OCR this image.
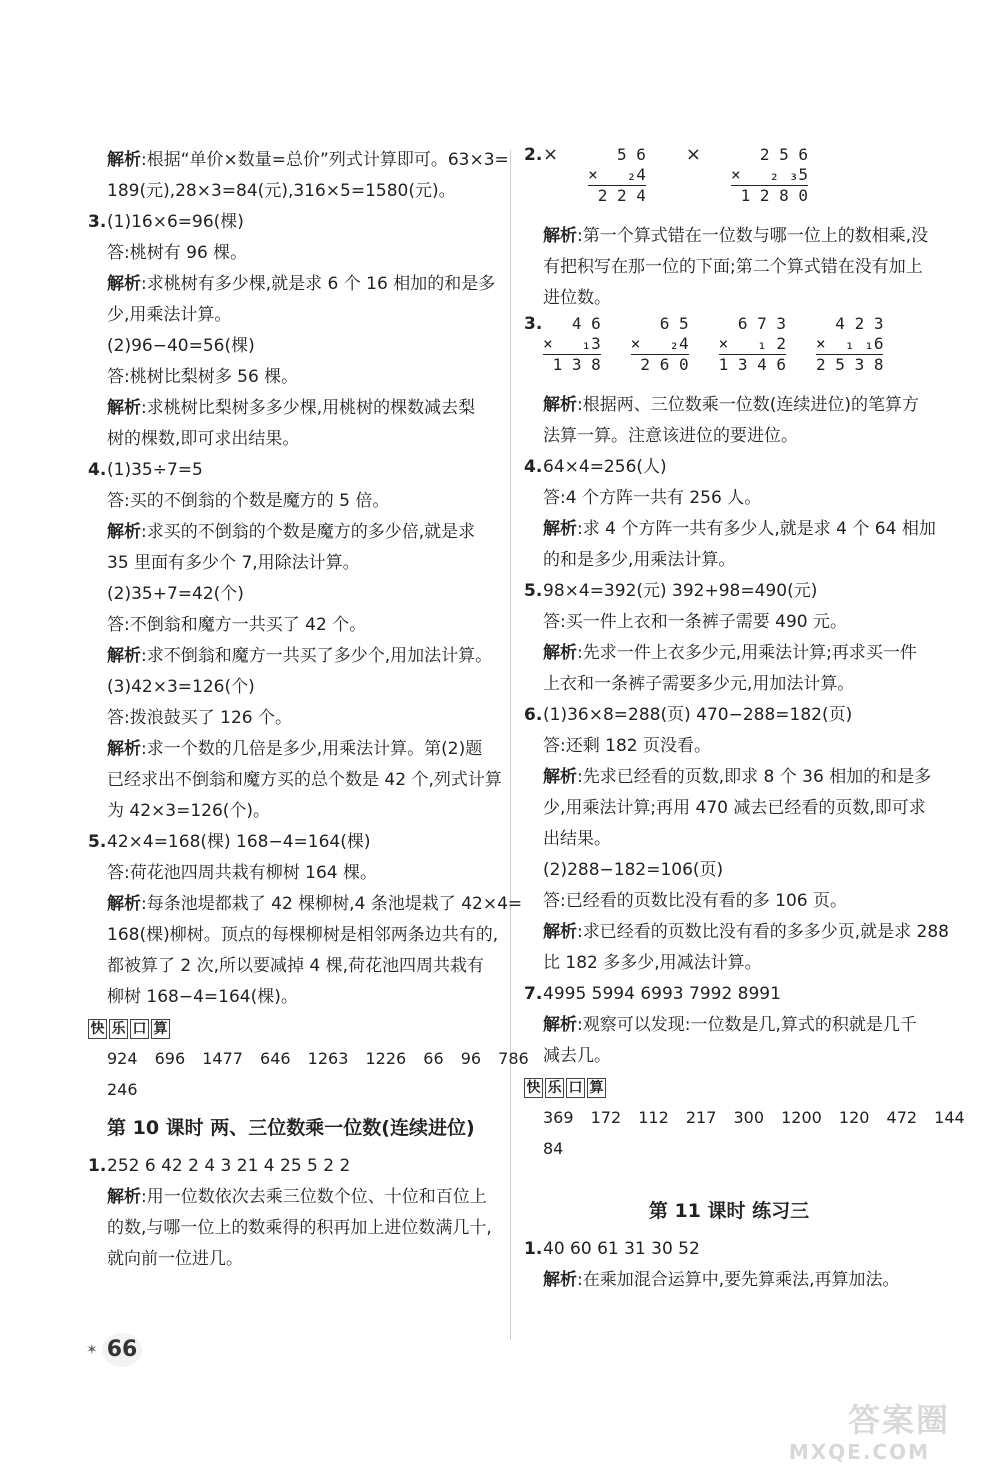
解析:根据“单价×数量=总价”列式计算即可。63×3=
189(元),28×3=84(元),316×5=1580(元)。
3.(1)16×6=96(棵)
答:桃树有 96 棵。
解析:求桃树有多少棵,就是求 6 个 16 相加的和是多
少,用乘法计算。
(2)96−40=56(棵)
答:桃树比梨树多 56 棵。
解析:求桃树比梨树多多少棵,用桃树的棵数减去梨
树的棵数,即可求出结果。
4.(1)35÷7=5
答:买的不倒翁的个数是魔方的 5 倍。
解析:求买的不倒翁的个数是魔方的多少倍,就是求
35 里面有多少个 7,用除法计算。
(2)35+7=42(个)
答:不倒翁和魔方一共买了 42 个。
解析:求不倒翁和魔方一共买了多少个,用加法计算。
(3)42×3=126(个)
答:拨浪鼓买了 126 个。
解析:求一个数的几倍是多少,用乘法计算。第(2)题
已经求出不倒翁和魔方买的总个数是 42 个,列式计算
为 42×3=126(个)。
5.42×4=168(棵) 168−4=164(棵)
答:荷花池四周共栽有柳树 164 棵。
解析:每条池堤都栽了 42 棵柳树,4 条池堤栽了 42×4=
168(棵)柳树。顶点的每棵柳树是相邻两条边共有的,
都被算了 2 次,所以要减掉 4 棵,荷花池四周共栽有
柳树 168−4=164(棵)。
快 乐 口 算
924 696 1477 646 1263 1226 66 96 786
246
第 10 课时 两、三位数乘一位数(连续进位)
1.252 6 42 2 4 3 21 4 25 5 2 2
解析:用一位数依次去乘三位数个位、十位和百位上
的数,与哪一位上的数乘得的积再加上进位数满几十,
就向前一位进几。
2.×	5 6
×   ₂4
2 2 4
×	2 5 6
×   ₂ ₃5
1 2 8 0
解析:第一个算式错在一位数与哪一位上的数相乘,没
有把积写在那一位的下面;第二个算式错在没有加上
进位数。
3.	4 6
×   ₁3
1 3 8
6 5
×   ₂4
2 6 0
6 7 3
×   ₁ 2
1 3 4 6
4 2 3
×  ₁ ₁6
2 5 3 8
解析:根据两、三位数乘一位数(连续进位)的笔算方
法算一算。注意该进位的要进位。
4.64×4=256(人)
答:4 个方阵一共有 256 人。
解析:求 4 个方阵一共有多少人,就是求 4 个 64 相加
的和是多少,用乘法计算。
5.98×4=392(元) 392+98=490(元)
答:买一件上衣和一条裤子需要 490 元。
解析:先求一件上衣多少元,用乘法计算;再求买一件
上衣和一条裤子需要多少元,用加法计算。
6.(1)36×8=288(页) 470−288=182(页)
答:还剩 182 页没看。
解析:先求已经看的页数,即求 8 个 36 相加的和是多
少,用乘法计算;再用 470 减去已经看的页数,即可求
出结果。
(2)288−182=106(页)
答:已经看的页数比没有看的多 106 页。
解析:求已经看的页数比没有看的多多少页,就是求 288
比 182 多多少,用减法计算。
7.4995 5994 6993 7992 8991
解析:观察可以发现:一位数是几,算式的积就是几千
减去几。
快 乐 口 算
369 172 112 217 300 1200 120 472 144
84
第 11 课时 练习三
1.40 60 61 31 30 52
解析:在乘加混合运算中,要先算乘法,再算加法。
✶ 66
答案圈
MXQE.COM
